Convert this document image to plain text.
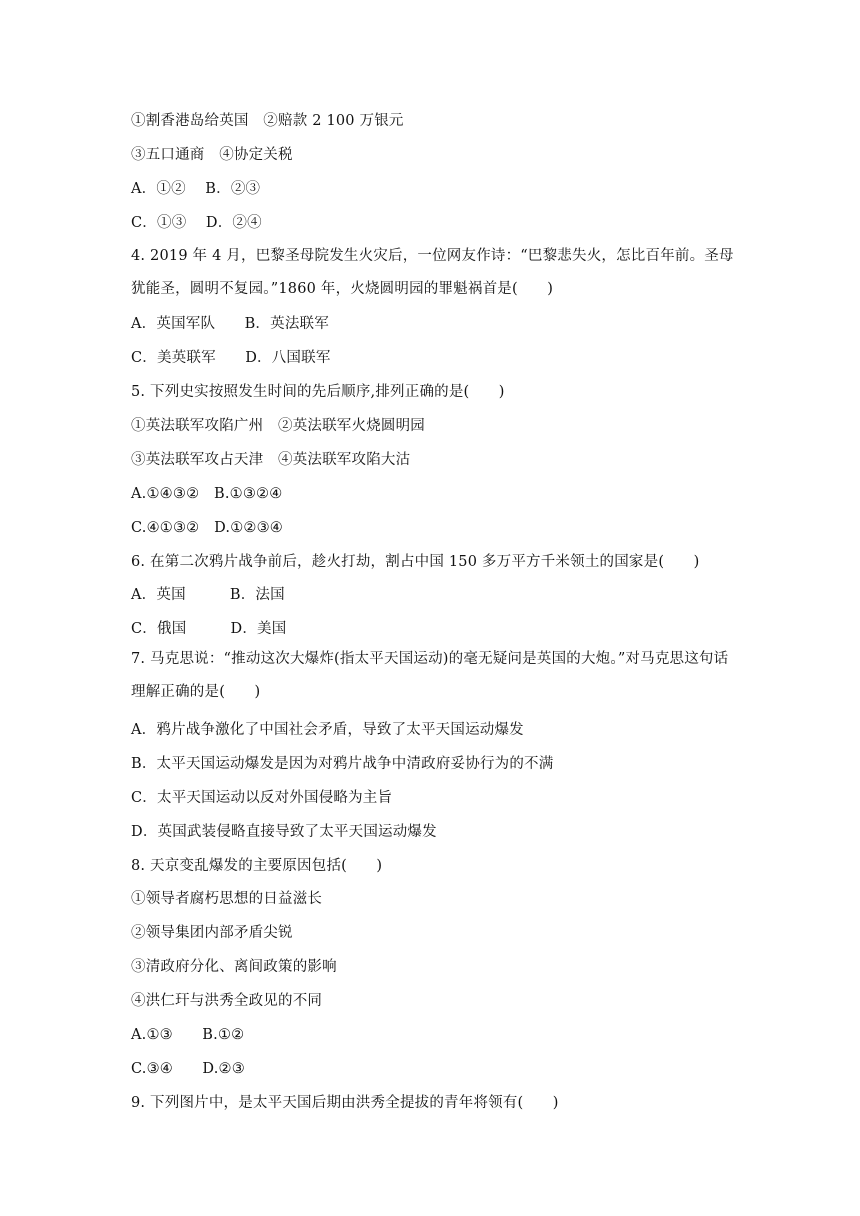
①割香港岛给英国　②赔款 2 100 万银元
③五口通商　④协定关税
A．①②　 B．②③
C．①③　 D．②④
4. 2019 年 4 月，巴黎圣母院发生火灾后，一位网友作诗：“巴黎悲失火，怎比百年前。圣母犹能圣，圆明不复园。”1860 年，火烧圆明园的罪魁祸首是(　　)
A．英国军队　　B．英法联军
C．美英联军　　D．八国联军
5. 下列史实按照发生时间的先后顺序,排列正确的是(　　)
①英法联军攻陷广州　②英法联军火烧圆明园
③英法联军攻占天津　④英法联军攻陷大沽
A.①④③②　B.①③②④
C.④①③②　D.①②③④
6. 在第二次鸦片战争前后，趁火打劫，割占中国 150 多万平方千米领土的国家是(　　)
A．英国　　　B．法国
C．俄国　　　D．美国
7. 马克思说：“推动这次大爆炸(指太平天国运动)的毫无疑问是英国的大炮。”对马克思这句话理解正确的是(　　)
A．鸦片战争激化了中国社会矛盾，导致了太平天国运动爆发
B．太平天国运动爆发是因为对鸦片战争中清政府妥协行为的不满
C．太平天国运动以反对外国侵略为主旨
D．英国武装侵略直接导致了太平天国运动爆发
8. 天京变乱爆发的主要原因包括(　　)
①领导者腐朽思想的日益滋长
②领导集团内部矛盾尖锐
③清政府分化、离间政策的影响
④洪仁玕与洪秀全政见的不同
A.①③　　B.①②
C.③④　　D.②③
9. 下列图片中，是太平天国后期由洪秀全提拔的青年将领有(　　)
